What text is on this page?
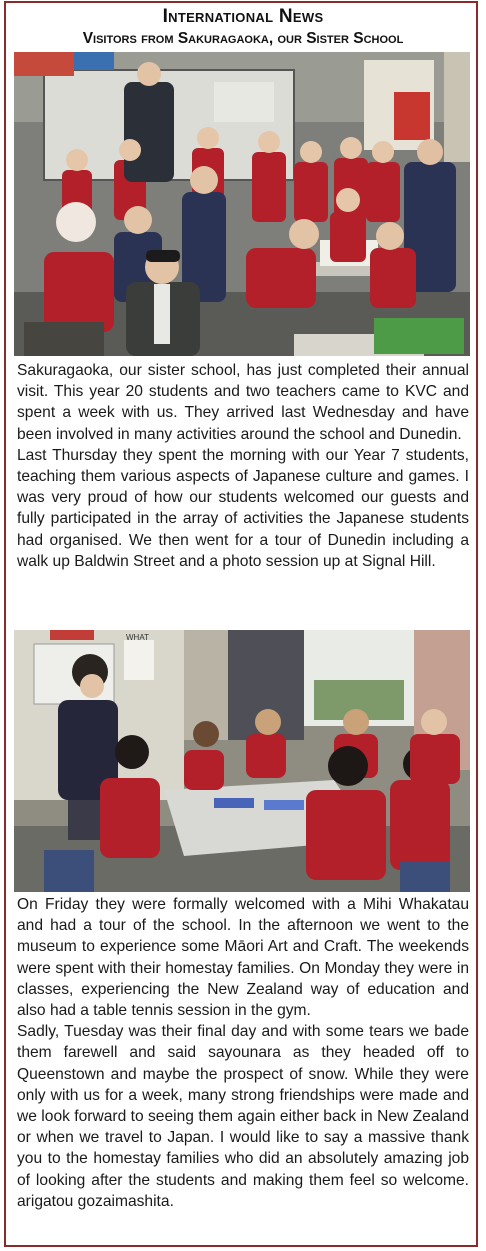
International News
Visitors from Sakuragaoka, our Sister School

Sakuragaoka, our sister school, has just completed their annual visit. This year 20 students and two teachers came to KVC and spent a week with us. They arrived last Wednesday and have been involved in many activities around the school and Dunedin.

Last Thursday they spent the morning with our Year 7 students, teaching them various aspects of Japanese culture and games. I was very proud of how our students welcomed our guests and fully participated in the array of activities the Japanese students had organised. We then went for a tour of Dunedin including a walk up Baldwin Street and a photo session up at Signal Hill.

WHAT

On Friday they were formally welcomed with a Mihi Whakatau and had a tour of the school. In the afternoon we went to the museum to experience some Māori Art and Craft. The weekends were spent with their homestay families. On Monday they were in classes, experiencing the New Zealand way of education and also had a table tennis session in the gym.

Sadly, Tuesday was their final day and with some tears we bade them farewell and said sayounara as they headed off to Queenstown and maybe the prospect of snow. While they were only with us for a week, many strong friendships were made and we look forward to seeing them again either back in New Zealand or when we travel to Japan. I would like to say a massive thank you to the homestay families who did an absolutely amazing job of looking after the students and making them feel so welcome. arigatou gozaimashita.
